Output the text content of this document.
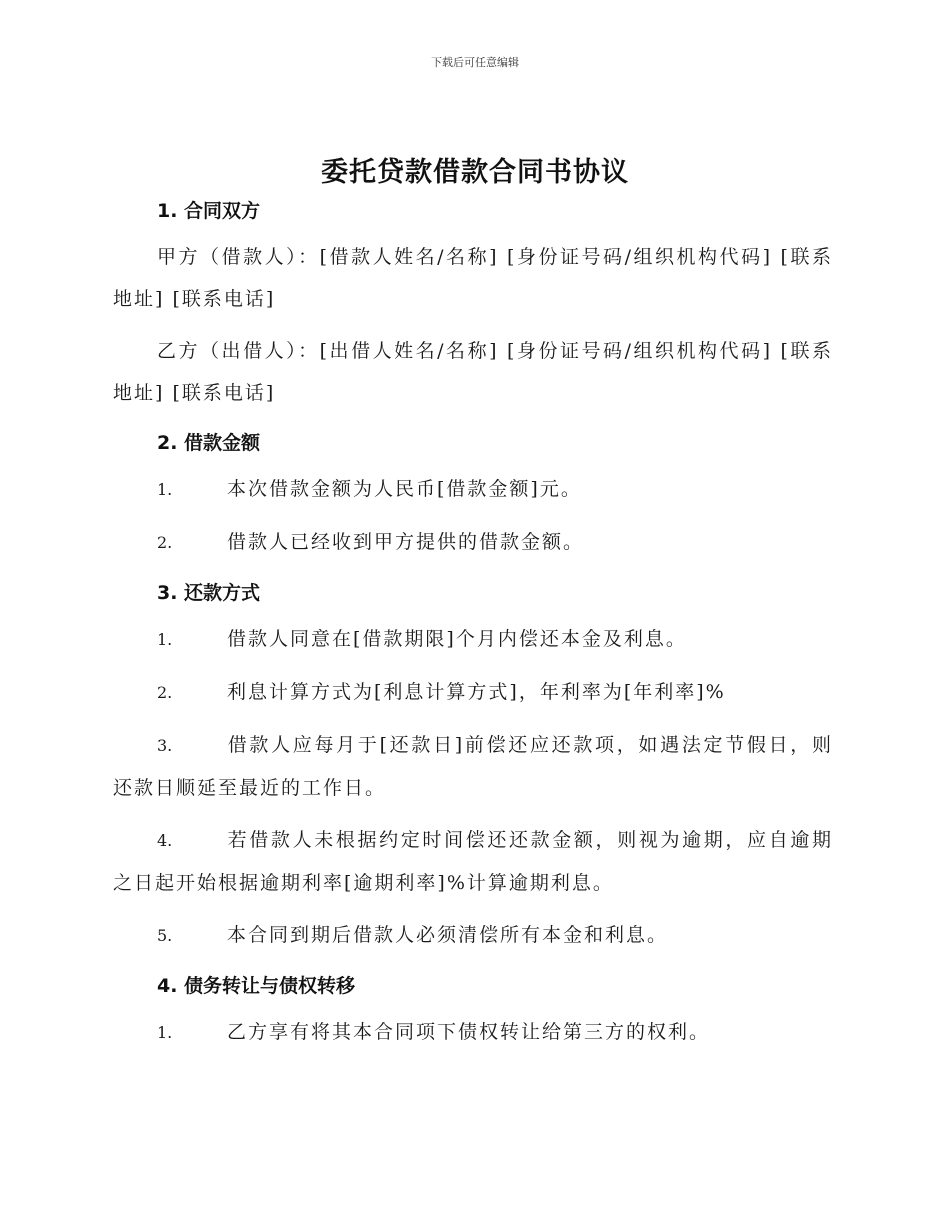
下载后可任意编辑
委托贷款借款合同书协议
1. 合同双方

甲方（借款人）：[借款人姓名/名称] [身份证号码/组织机构代码] [联系地址] [联系电话]

乙方（出借人）：[出借人姓名/名称] [身份证号码/组织机构代码] [联系地址] [联系电话]

2. 借款金额

1.	本次借款金额为人民币[借款金额]元。

2.	借款人已经收到甲方提供的借款金额。

3. 还款方式

1.	借款人同意在[借款期限]个月内偿还本金及利息。

2.	利息计算方式为[利息计算方式]，年利率为[年利率]%

3.	借款人应每月于[还款日]前偿还应还款项，如遇法定节假日，则还款日顺延至最近的工作日。

4.	若借款人未根据约定时间偿还还款金额，则视为逾期，应自逾期之日起开始根据逾期利率[逾期利率]%计算逾期利息。

5.	本合同到期后借款人必须清偿所有本金和利息。

4. 债务转让与债权转移

1.	乙方享有将其本合同项下债权转让给第三方的权利。
